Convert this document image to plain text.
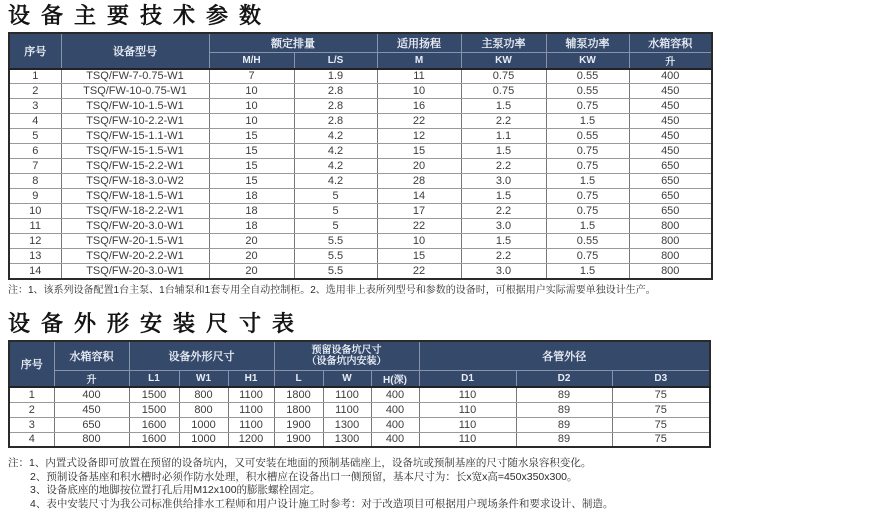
设备主要技术参数
序号	设备型号	额定排量		适用扬程	主泵功率	辅泵功率	水箱容积
		M/H	L/S	M	KW	KW	升
1	TSQ/FW-7-0.75-W1	7	1.9	11	0.75	0.55	400
2	TSQ/FW-10-0.75-W1	10	2.8	10	0.75	0.55	450
3	TSQ/FW-10-1.5-W1	10	2.8	16	1.5	0.75	450
4	TSQ/FW-10-2.2-W1	10	2.8	22	2.2	1.5	450
5	TSQ/FW-15-1.1-W1	15	4.2	12	1.1	0.55	450
6	TSQ/FW-15-1.5-W1	15	4.2	15	1.5	0.75	450
7	TSQ/FW-15-2.2-W1	15	4.2	20	2.2	0.75	650
8	TSQ/FW-18-3.0-W2	15	4.2	28	3.0	1.5	650
9	TSQ/FW-18-1.5-W1	18	5	14	1.5	0.75	650
10	TSQ/FW-18-2.2-W1	18	5	17	2.2	0.75	650
11	TSQ/FW-20-3.0-W1	18	5	22	3.0	1.5	800
12	TSQ/FW-20-1.5-W1	20	5.5	10	1.5	0.55	800
13	TSQ/FW-20-2.2-W1	20	5.5	15	2.2	0.75	800
14	TSQ/FW-20-3.0-W1	20	5.5	22	3.0	1.5	800

注：1、该系列设备配置1台主泵、1台辅泵和1套专用全自动控制柜。2、选用非上表所列型号和参数的设备时，可根据用户实际需要单独设计生产。

设备外形安装尺寸表
序号	水箱容积	设备外形尺寸			预留设备坑尺寸
（设备坑内安装）			各管外径		
	升	L1	W1	H1	L	W	H(深)	D1	D2	D3
1	400	1500	800	1100	1800	1100	400	110	89	75
2	450	1500	800	1100	1800	1100	400	110	89	75
3	650	1600	1000	1100	1900	1300	400	110	89	75
4	800	1600	1000	1200	1900	1300	400	110	89	75

注：1、内置式设备即可放置在预留的设备坑内，又可安装在地面的预制基础座上，设备坑或预制基座的尺寸随水泉容积变化。

2、预制设备基座和积水槽时必须作防水处理，积水槽应在设备出口一侧预留，基本尺寸为：长x宽x高=450x350x300。

3、设备底座的地脚按位置打孔后用M12x100的膨胀螺栓固定。

4、表中安装尺寸为我公司标准供给排水工程师和用户设计施工时参考：对于改造项目可根据用户现场条件和要求设计、制造。
